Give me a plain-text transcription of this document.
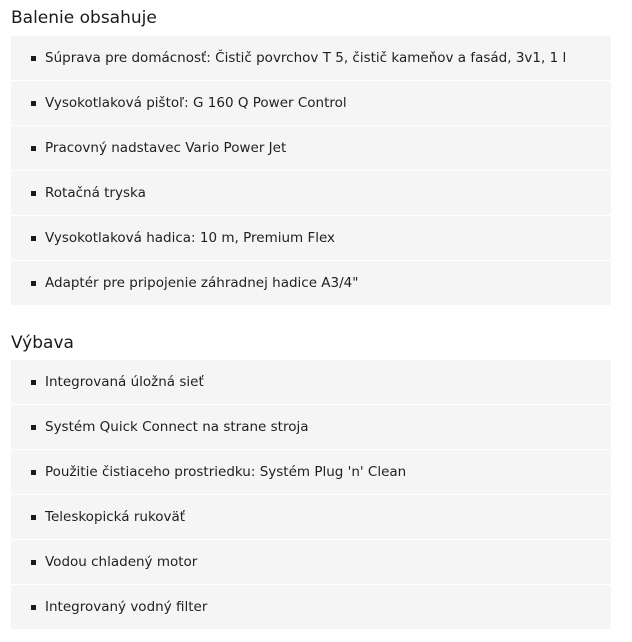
Balenie obsahuje
Súprava pre domácnosť: Čistič povrchov T 5, čistič kameňov a fasád, 3v1, 1 l
Vysokotlaková pištoľ: G 160 Q Power Control
Pracovný nadstavec Vario Power Jet
Rotačná tryska
Vysokotlaková hadica: 10 m, Premium Flex
Adaptér pre pripojenie záhradnej hadice A3/4"
Výbava
Integrovaná úložná sieť
Systém Quick Connect na strane stroja
Použitie čistiaceho prostriedku: Systém Plug 'n' Clean
Teleskopická rukoväť
Vodou chladený motor
Integrovaný vodný filter
